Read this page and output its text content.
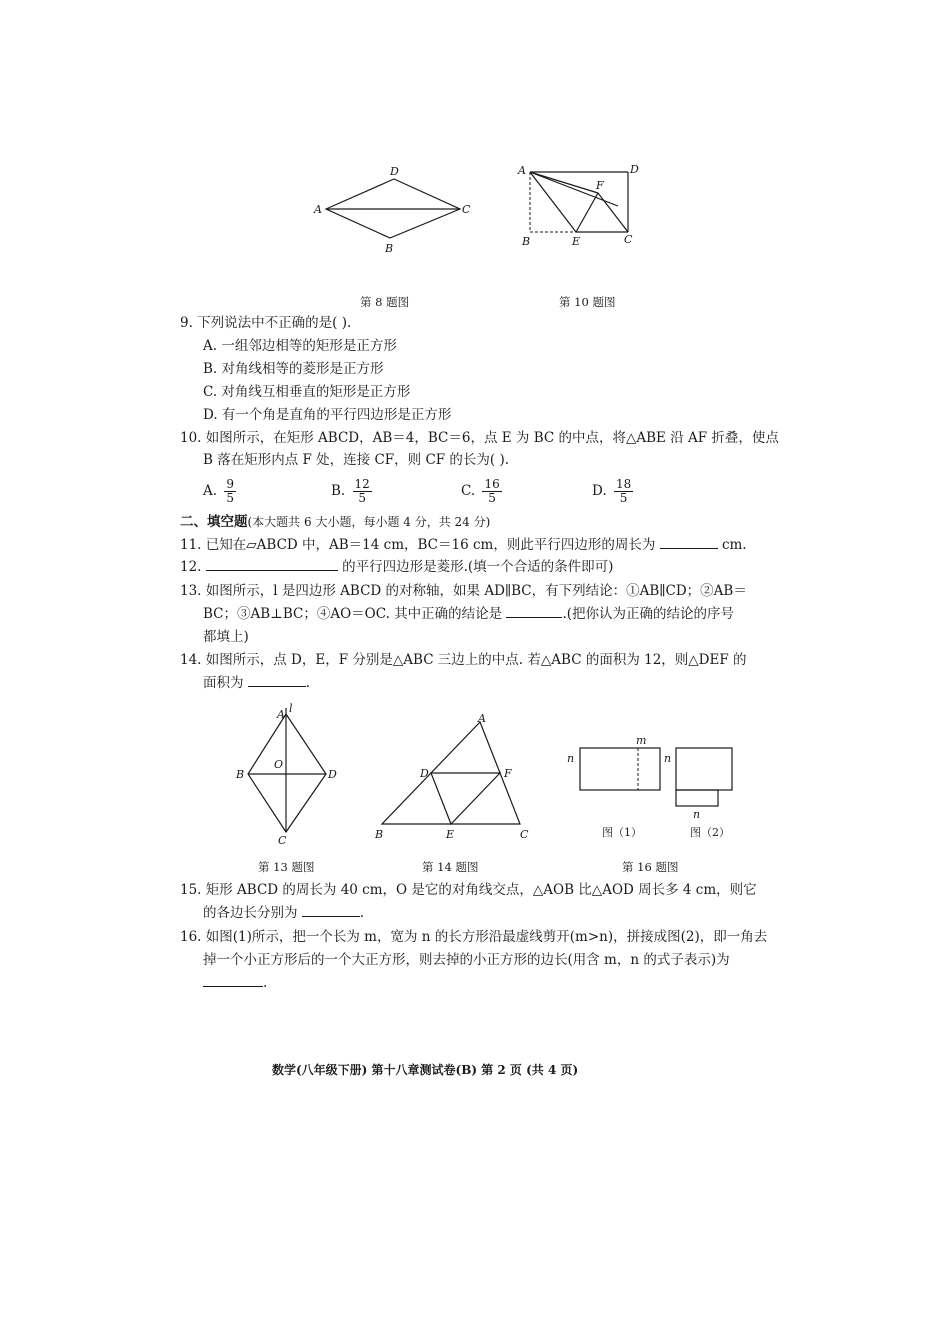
A
D
C
B
第 8 题图
A	D
F
B	E	C
第 10 题图
9. 下列说法中不正确的是( ).
A. 一组邻边相等的矩形是正方形
B. 对角线相等的菱形是正方形
C. 对角线互相垂直的矩形是正方形
D. 有一个角是直角的平行四边形是正方形
10. 如图所示，在矩形 ABCD，AB＝4，BC＝6，点 E 为 BC 的中点，将△ABE 沿 AF 折叠，使点
B 落在矩形内点 F 处，连接 CF，则 CF 的长为( ).
A. $\frac{9}{5}$	B. $\frac{12}{5}$	C. $\frac{16}{5}$	D. $\frac{18}{5}$
二、填空题(本大题共 6 大小题，每小题 4 分，共 24 分)
11. 已知在▱ABCD 中，AB＝14 cm，BC＝16 cm，则此平行四边形的周长为	cm.
12.	的平行四边形是菱形.(填一个合适的条件即可)
13. 如图所示，l 是四边形 ABCD 的对称轴，如果 AD∥BC，有下列结论：①AB∥CD；②AB＝
BC；③AB⊥BC；④AO＝OC. 其中正确的结论是	.(把你认为正确的结论的序号
都填上)
14. 如图所示，点 D，E，F 分别是△ABC 三边上的中点. 若△ABC 的面积为 12，则△DEF 的
面积为	.
A l
B	D
O
C
第 13 题图
A
D	F
B	E	C
第 14 题图
m
n	n
n
图（1）	图（2）
第 16 题图
15. 矩形 ABCD 的周长为 40 cm，O 是它的对角线交点，△AOB 比△AOD 周长多 4 cm，则它
的各边长分别为	.
16. 如图(1)所示，把一个长为 m，宽为 n 的长方形沿最虚线剪开(m>n)，拼接成图(2)，即一角去
掉一个小正方形后的一个大正方形，则去掉的小正方形的边长(用含 m，n 的式子表示)为
.
数学(八年级下册) 第十八章测试卷(B) 第 2 页 (共 4 页)
